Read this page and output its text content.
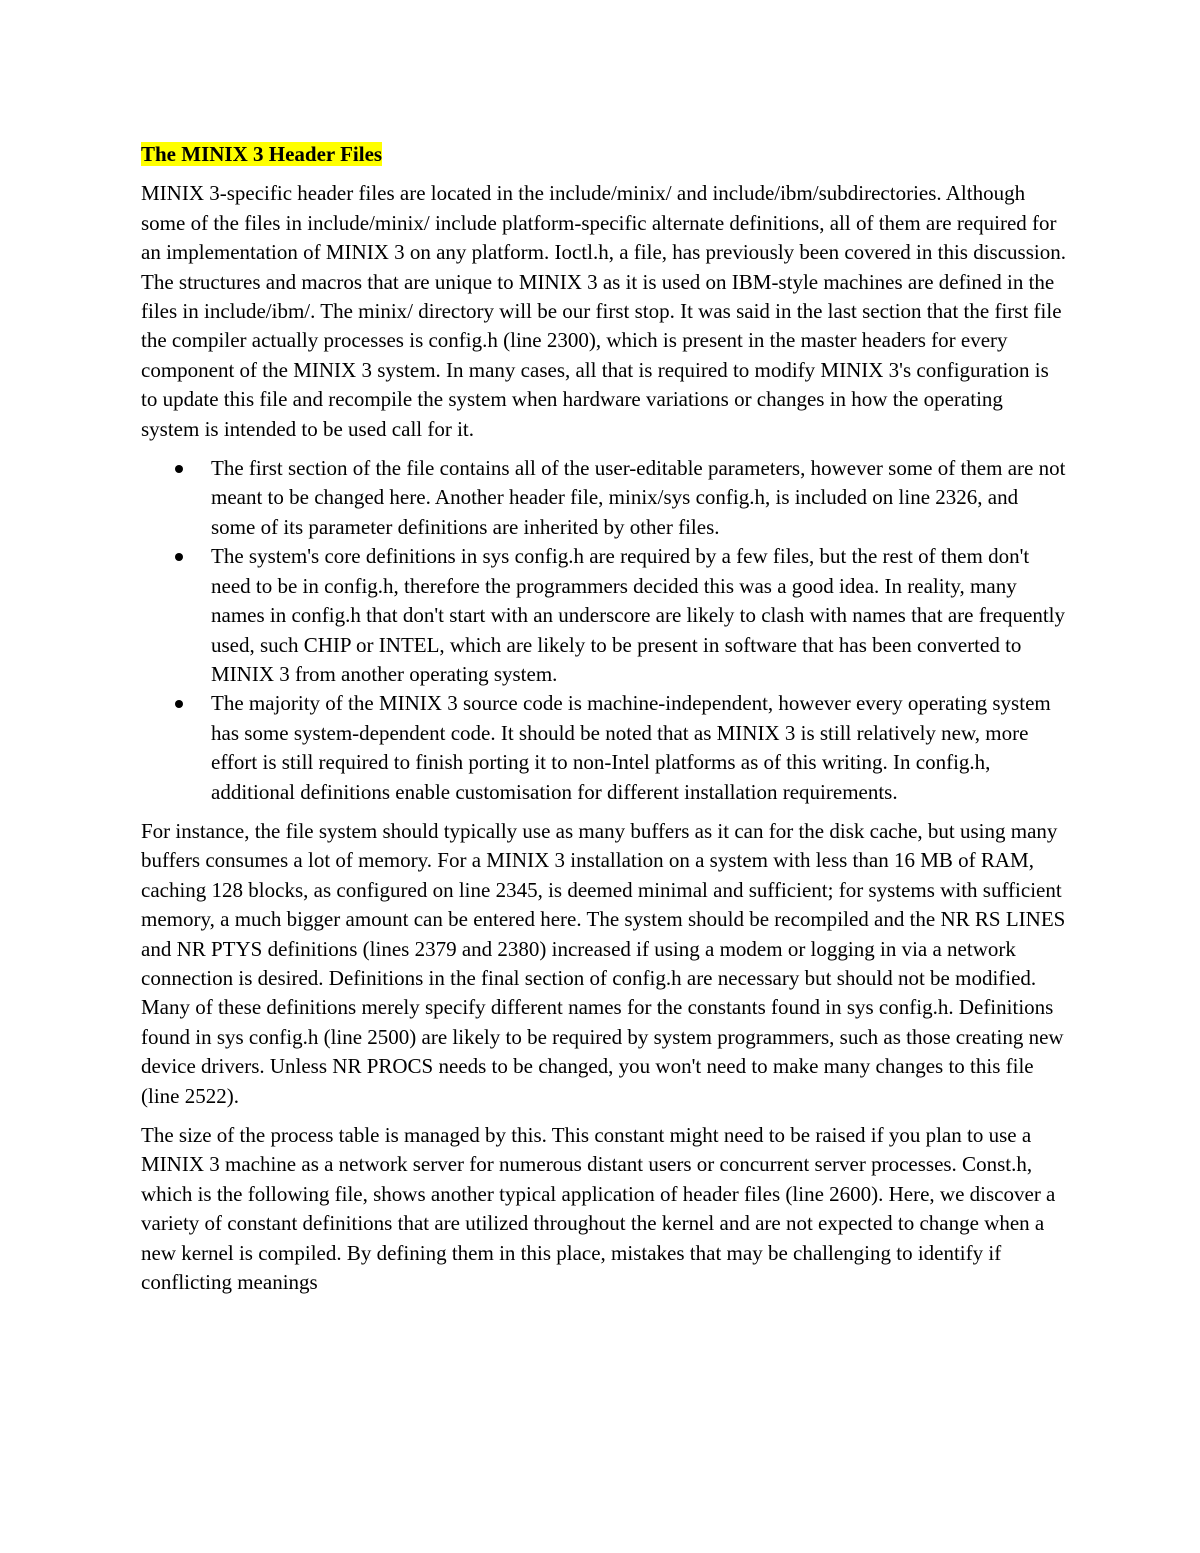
The MINIX 3 Header Files

MINIX 3-specific header files are located in the include/minix/ and include/ibm/subdirectories. Although some of the files in include/minix/ include platform-specific alternate definitions, all of them are required for an implementation of MINIX 3 on any platform. Ioctl.h, a file, has previously been covered in this discussion. The structures and macros that are unique to MINIX 3 as it is used on IBM-style machines are defined in the files in include/ibm/. The minix/ directory will be our first stop. It was said in the last section that the first file the compiler actually processes is config.h (line 2300), which is present in the master headers for every component of the MINIX 3 system. In many cases, all that is required to modify MINIX 3's configuration is to update this file and recompile the system when hardware variations or changes in how the operating system is intended to be used call for it.

The first section of the file contains all of the user-editable parameters, however some of them are not meant to be changed here. Another header file, minix/sys config.h, is included on line 2326, and some of its parameter definitions are inherited by other files.
The system's core definitions in sys config.h are required by a few files, but the rest of them don't need to be in config.h, therefore the programmers decided this was a good idea. In reality, many names in config.h that don't start with an underscore are likely to clash with names that are frequently used, such CHIP or INTEL, which are likely to be present in software that has been converted to MINIX 3 from another operating system.
The majority of the MINIX 3 source code is machine-independent, however every operating system has some system-dependent code. It should be noted that as MINIX 3 is still relatively new, more effort is still required to finish porting it to non-Intel platforms as of this writing. In config.h, additional definitions enable customisation for different installation requirements.

For instance, the file system should typically use as many buffers as it can for the disk cache, but using many buffers consumes a lot of memory. For a MINIX 3 installation on a system with less than 16 MB of RAM, caching 128 blocks, as configured on line 2345, is deemed minimal and sufficient; for systems with sufficient memory, a much bigger amount can be entered here. The system should be recompiled and the NR RS LINES and NR PTYS definitions (lines 2379 and 2380) increased if using a modem or logging in via a network connection is desired. Definitions in the final section of config.h are necessary but should not be modified. Many of these definitions merely specify different names for the constants found in sys config.h. Definitions found in sys config.h (line 2500) are likely to be required by system programmers, such as those creating new device drivers. Unless NR PROCS needs to be changed, you won't need to make many changes to this file (line 2522).

The size of the process table is managed by this. This constant might need to be raised if you plan to use a MINIX 3 machine as a network server for numerous distant users or concurrent server processes. Const.h, which is the following file, shows another typical application of header files (line 2600). Here, we discover a variety of constant definitions that are utilized throughout the kernel and are not expected to change when a new kernel is compiled. By defining them in this place, mistakes that may be challenging to identify if conflicting meanings
